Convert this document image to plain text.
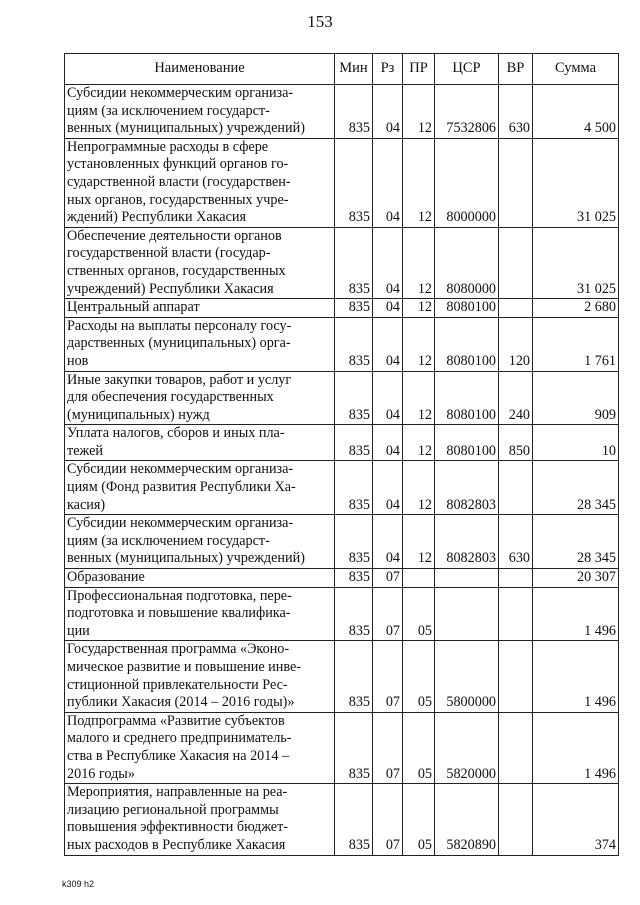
153
Наименование	Мин	Рз	ПР	ЦСР	ВР	Сумма
Субсидии некоммерческим организа-
циям (за исключением государст-
венных (муниципальных) учреждений)	835	04	12	7532806	630	4 500
Непрограммные расходы в сфере
установленных функций органов го-
сударственной власти (государствен-
ных органов, государственных учре-
ждений) Республики Хакасия	835	04	12	8000000		31 025
Обеспечение деятельности органов
государственной власти (государ-
ственных органов, государственных
учреждений) Республики Хакасия	835	04	12	8080000		31 025
Центральный аппарат	835	04	12	8080100		2 680
Расходы на выплаты персоналу госу-
дарственных (муниципальных) орга-
нов	835	04	12	8080100	120	1 761
Иные закупки товаров, работ и услуг
для обеспечения государственных
(муниципальных) нужд	835	04	12	8080100	240	909
Уплата налогов, сборов и иных пла-
тежей	835	04	12	8080100	850	10
Субсидии некоммерческим организа-
циям (Фонд развития Республики Ха-
касия)	835	04	12	8082803		28 345
Субсидии некоммерческим организа-
циям (за исключением государст-
венных (муниципальных) учреждений)	835	04	12	8082803	630	28 345
Образование	835	07				20 307
Профессиональная подготовка, пере-
подготовка и повышение квалифика-
ции	835	07	05			1 496
Государственная программа «Эконо-
мическое развитие и повышение инве-
стиционной привлекательности Рес-
публики Хакасия (2014 – 2016 годы)»	835	07	05	5800000		1 496
Подпрограмма «Развитие субъектов
малого и среднего предприниматель-
ства в Республике Хакасия на 2014 –
2016 годы»	835	07	05	5820000		1 496
Мероприятия, направленные на реа-
лизацию региональной программы
повышения эффективности бюджет-
ных расходов в Республике Хакасия	835	07	05	5820890		374
k309 h2
